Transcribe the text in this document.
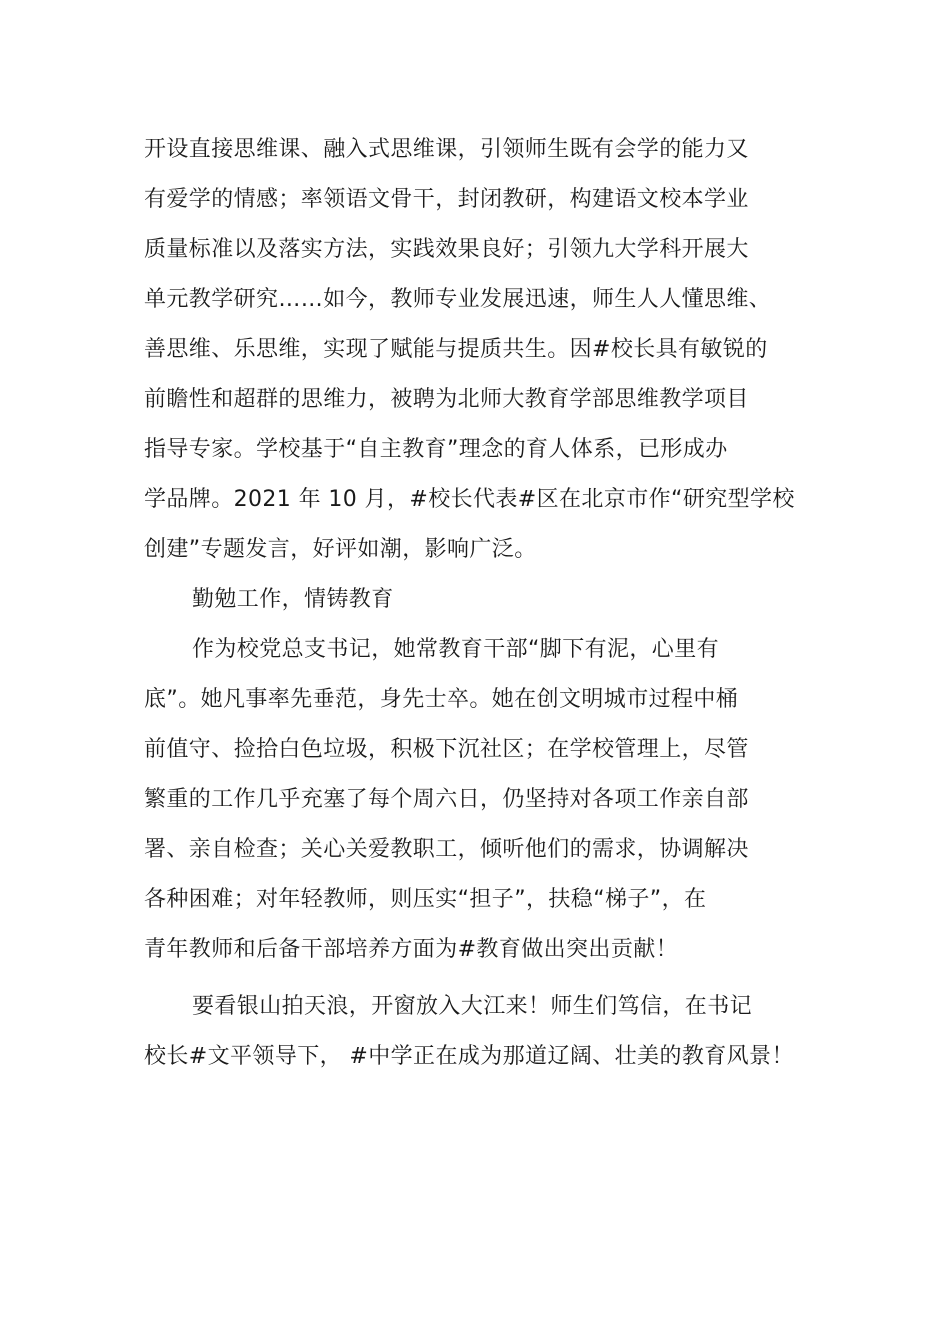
开设直接思维课、融入式思维课，引领师生既有会学的能力又
有爱学的情感；率领语文骨干，封闭教研，构建语文校本学业
质量标准以及落实方法，实践效果良好；引领九大学科开展大
单元教学研究……如今，教师专业发展迅速，师生人人懂思维、
善思维、乐思维，实现了赋能与提质共生。因#校长具有敏锐的
前瞻性和超群的思维力，被聘为北师大教育学部思维教学项目
指导专家。学校基于“自主教育”理念的育人体系，已形成办
学品牌。2021 年 10 月，#校长代表#区在北京市作“研究型学校
创建”专题发言，好评如潮，影响广泛。
勤勉工作，情铸教育
作为校党总支书记，她常教育干部“脚下有泥，心里有
底”。她凡事率先垂范，身先士卒。她在创文明城市过程中桶
前值守、捡拾白色垃圾，积极下沉社区；在学校管理上，尽管
繁重的工作几乎充塞了每个周六日，仍坚持对各项工作亲自部
署、亲自检查；关心关爱教职工，倾听他们的需求，协调解决
各种困难；对年轻教师，则压实“担子”，扶稳“梯子”，在
青年教师和后备干部培养方面为#教育做出突出贡献！
要看银山拍天浪，开窗放入大江来！师生们笃信，在书记
校长#文平领导下， #中学正在成为那道辽阔、壮美的教育风景！
